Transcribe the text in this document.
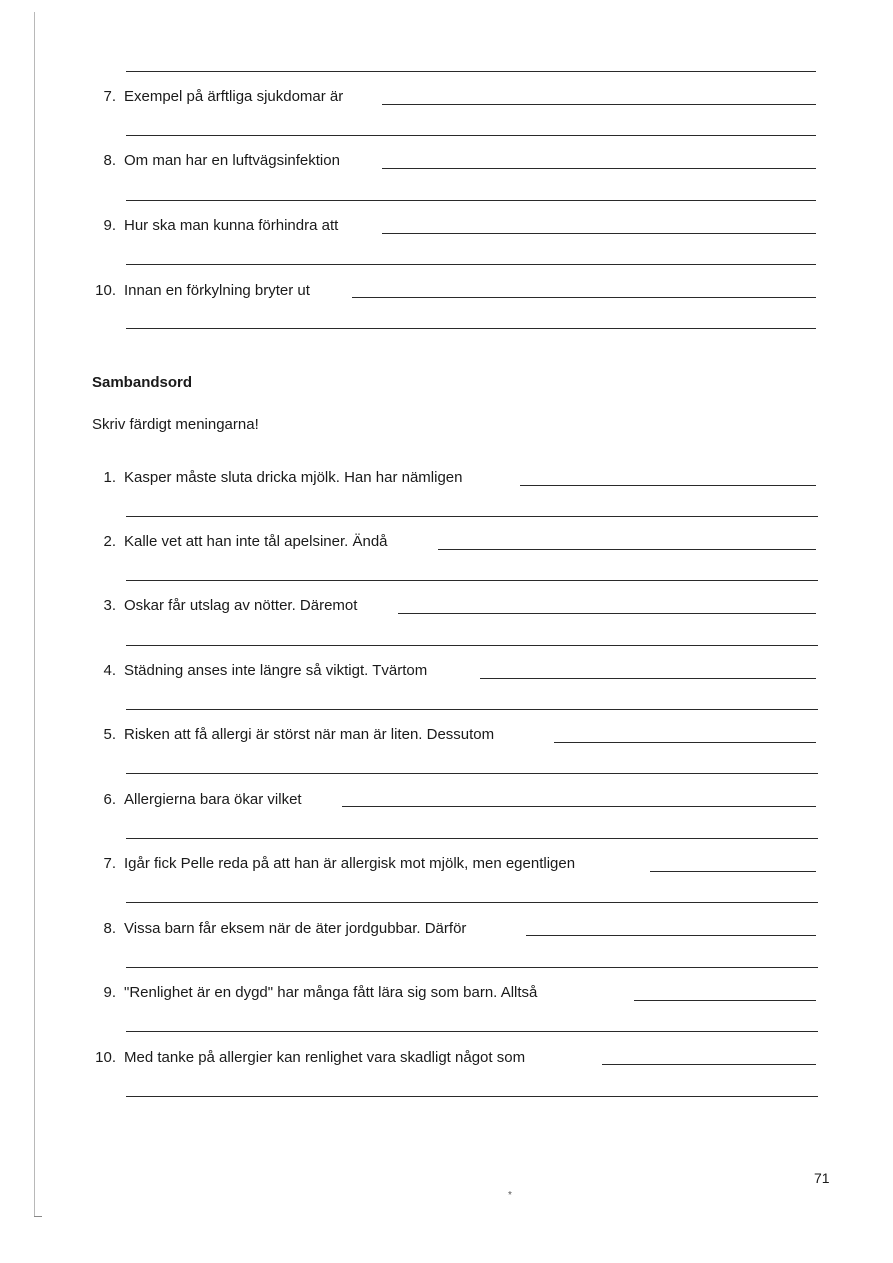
7. Exempel på ärftliga sjukdomar är
8. Om man har en luftvägsinfektion
9. Hur ska man kunna förhindra att
10. Innan en förkylning bryter ut
Sambandsord
Skriv färdigt meningarna!
1. Kasper måste sluta dricka mjölk. Han har nämligen
2. Kalle vet att han inte tål apelsiner. Ändå
3. Oskar får utslag av nötter. Däremot
4. Städning anses inte längre så viktigt. Tvärtom
5. Risken att få allergi är störst när man är liten. Dessutom
6. Allergierna bara ökar vilket
7. Igår fick Pelle reda på att han är allergisk mot mjölk, men egentligen
8. Vissa barn får eksem när de äter jordgubbar. Därför
9. "Renlighet är en dygd" har många fått lära sig som barn. Alltså
10. Med tanke på allergier kan renlighet vara skadligt något som
71
*
